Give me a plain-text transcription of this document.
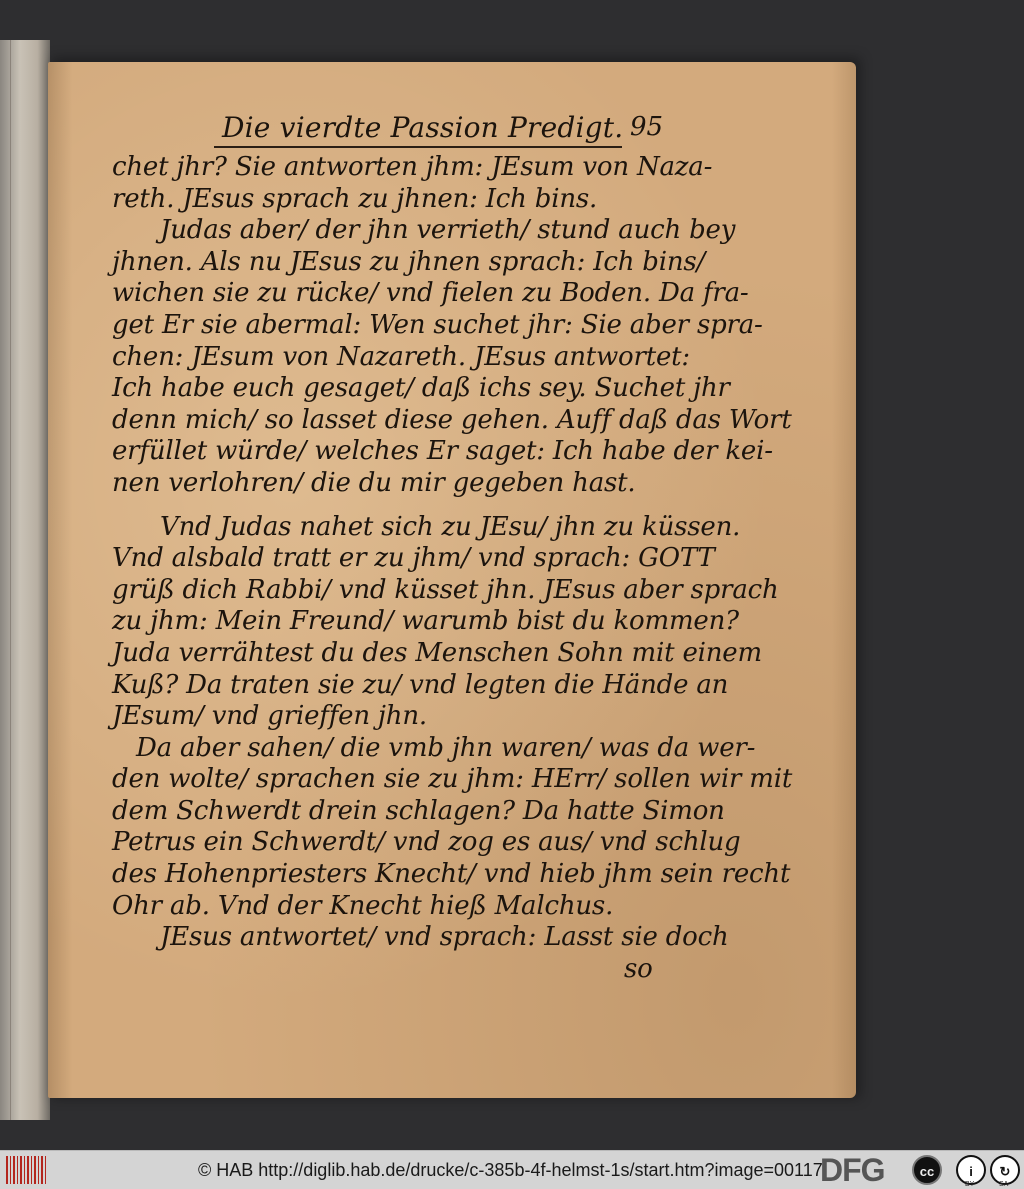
Die vierdte Passion Predigt. 95
chet jhr? Sie antworten jhm: JEsum von Naza-
reth. JEsus sprach zu jhnen: Ich bins.
Judas aber/ der jhn verrieth/ stund auch bey
jhnen. Als nu JEsus zu jhnen sprach: Ich bins/
wichen sie zu rücke/ vnd fielen zu Boden. Da fra-
get Er sie abermal: Wen suchet jhr: Sie aber spra-
chen: JEsum von Nazareth. JEsus antwortet:
Ich habe euch gesaget/ daß ichs sey. Suchet jhr
denn mich/ so lasset diese gehen. Auff daß das Wort
erfüllet würde/ welches Er saget: Ich habe der kei-
nen verlohren/ die du mir gegeben hast.
Vnd Judas nahet sich zu JEsu/ jhn zu küssen.
Vnd alsbald tratt er zu jhm/ vnd sprach: GOTT
grüß dich Rabbi/ vnd küsset jhn. JEsus aber sprach
zu jhm: Mein Freund/ warumb bist du kommen?
Juda verrähtest du des Menschen Sohn mit einem
Kuß? Da traten sie zu/ vnd legten die Hände an
JEsum/ vnd grieffen jhn.
Da aber sahen/ die vmb jhn waren/ was da wer-
den wolte/ sprachen sie zu jhm: HErr/ sollen wir mit
dem Schwerdt drein schlagen? Da hatte Simon
Petrus ein Schwerdt/ vnd zog es aus/ vnd schlug
des Hohenpriesters Knecht/ vnd hieb jhm sein recht
Ohr ab. Vnd der Knecht hieß Malchus.
JEsus antwortet/ vnd sprach: Lasst sie doch
so
© HAB http://diglib.hab.de/drucke/c-385b-4f-helmst-1s/start.htm?image=00117
DFG	cc	i	↻
BY	SA
